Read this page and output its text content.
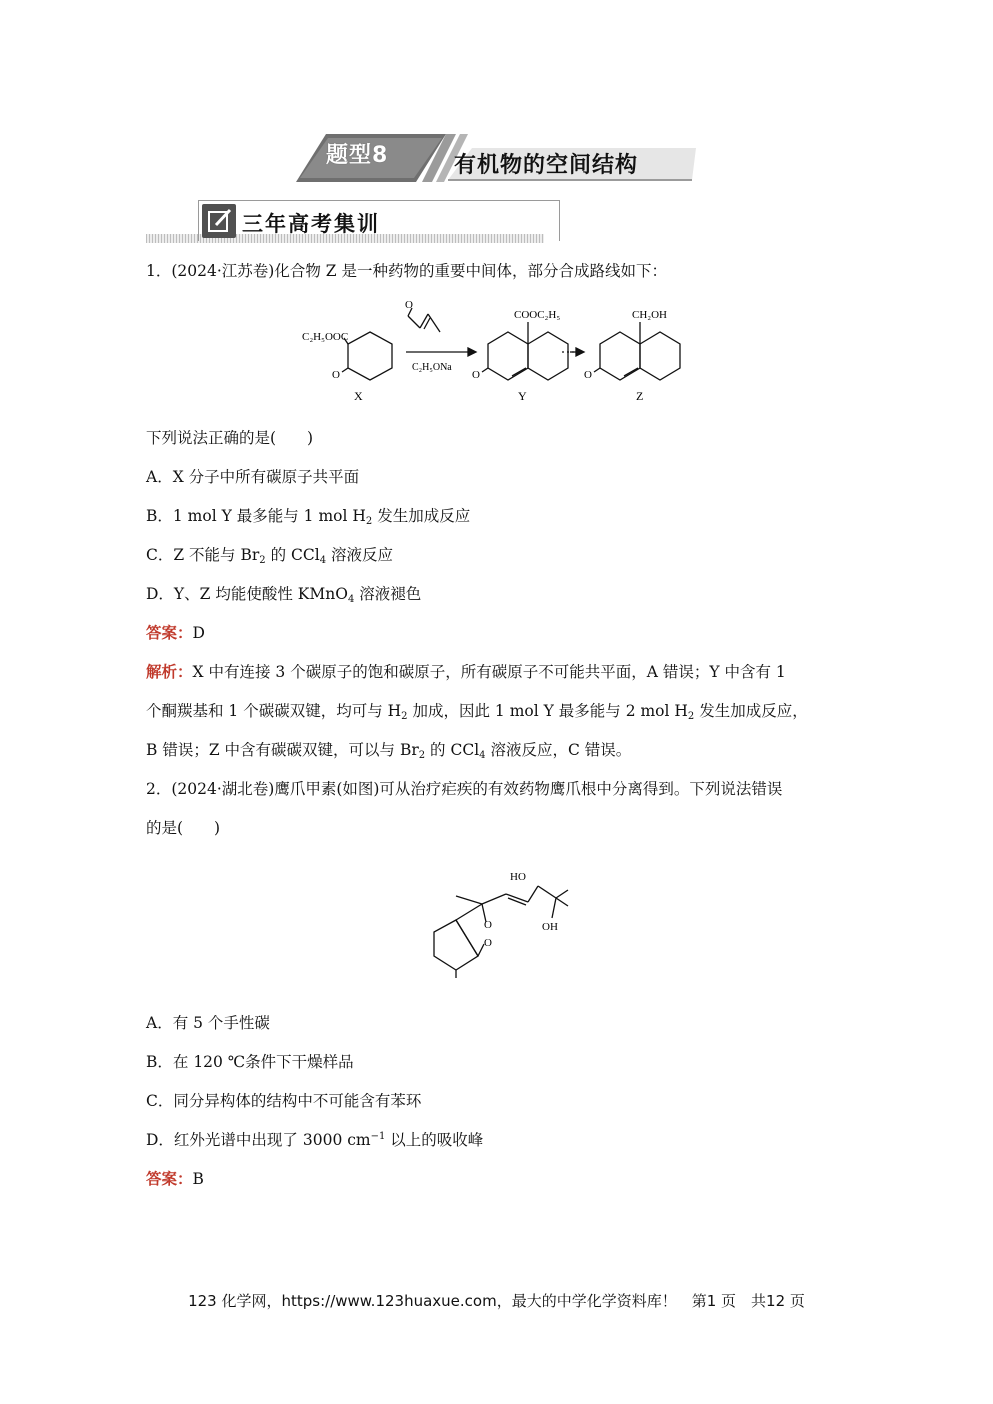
题型8	有机物的空间结构
三年高考集训
1．(2024·江苏卷)化合物 Z 是一种药物的重要中间体，部分合成路线如下：
C₂H₅OOC
O
C₂H₅ONa
O
COOC₂H₅
O
CH₂OH
O
X	Y	Z
下列说法正确的是(　　)
A．X 分子中所有碳原子共平面
B．1 mol Y 最多能与 1 mol $H_2$ 发生加成反应
C．Z 不能与 $Br_2$ 的 CCl$_4$ 溶液反应
D．Y、Z 均能使酸性 KMnO$_4$ 溶液褪色
答案：D
解析：X 中有连接 3 个碳原子的饱和碳原子，所有碳原子不可能共平面，A 错误；Y 中含有 1
个酮羰基和 1 个碳碳双键，均可与 $H_2$ 加成，因此 1 mol Y 最多能与 2 mol $H_2$ 发生加成反应，
B 错误；Z 中含有碳碳双键，可以与 $Br_2$ 的 CCl$_4$ 溶液反应，C 错误。
2．(2024·湖北卷)鹰爪甲素(如图)可从治疗疟疾的有效药物鹰爪根中分离得到。下列说法错误
的是(　　)
HO
OH
O
O
A．有 5 个手性碳
B．在 120 ℃条件下干燥样品
C．同分异构体的结构中不可能含有苯环
D．红外光谱中出现了 3000 $cm^{-1}$ 以上的吸收峰
答案：B
123 化学网，https://www.123huaxue.com，最大的中学化学资料库！　第1 页　共12 页
